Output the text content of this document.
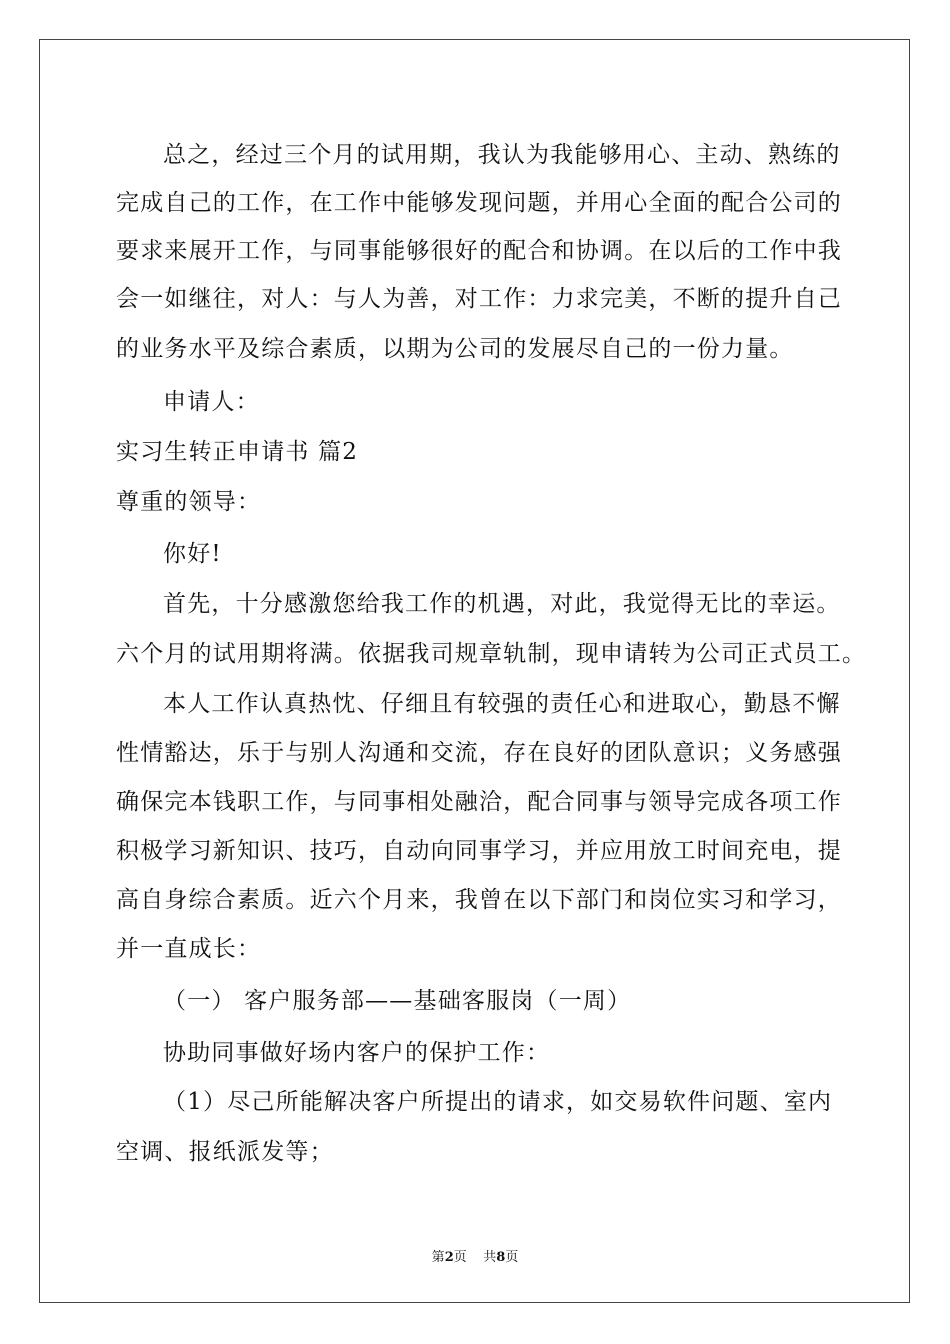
总之，经过三个月的试用期，我认为我能够用心、主动、熟练的

完成自己的工作，在工作中能够发现问题，并用心全面的配合公司的

要求来展开工作，与同事能够很好的配合和协调。在以后的工作中我

会一如继往，对人：与人为善，对工作：力求完美，不断的提升自己

的业务水平及综合素质，以期为公司的发展尽自己的一份力量。

申请人：

实习生转正申请书 篇2

尊重的领导：

你好!

首先，十分感激您给我工作的机遇，对此，我觉得无比的幸运。

六个月的试用期将满。依据我司规章轨制，现申请转为公司正式员工。

本人工作认真热忱、仔细且有较强的责任心和进取心，勤恳不懈

性情豁达，乐于与别人沟通和交流，存在良好的团队意识；义务感强

确保完本钱职工作，与同事相处融洽，配合同事与领导完成各项工作

积极学习新知识、技巧，自动向同事学习，并应用放工时间充电，提

高自身综合素质。近六个月来，我曾在以下部门和岗位实习和学习，

并一直成长：

（一） 客户服务部——基础客服岗（一周）

协助同事做好场内客户的保护工作：

（1）尽己所能解决客户所提出的请求，如交易软件问题、室内

空调、报纸派发等；

第2页    共8页
